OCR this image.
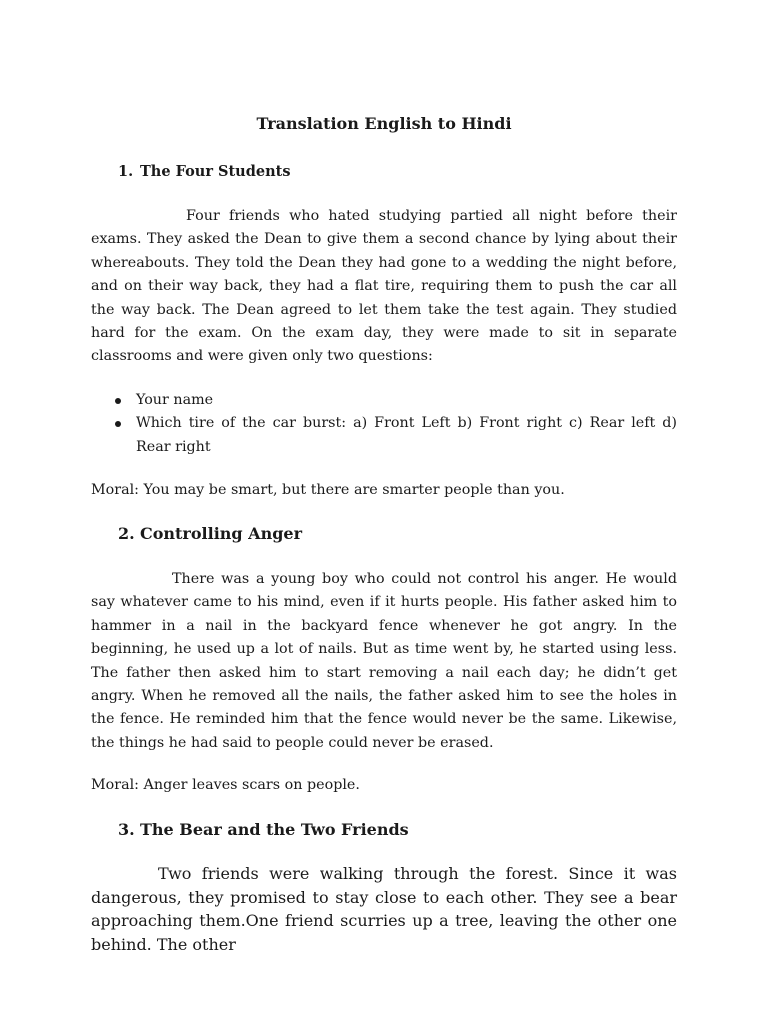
Translation English to Hindi
1. The Four Students

Four friends who hated studying partied all night before their exams. They asked the Dean to give them a second chance by lying about their whereabouts. They told the Dean they had gone to a wedding the night before, and on their way back, they had a flat tire, requiring them to push the car all the way back. The Dean agreed to let them take the test again. They studied hard for the exam. On the exam day, they were made to sit in separate classrooms and were given only two questions:

Your name
Which tire of the car burst: a) Front Left b) Front right c) Rear left d) Rear right

Moral: You may be smart, but there are smarter people than you.

2. Controlling Anger

There was a young boy who could not control his anger. He would say whatever came to his mind, even if it hurts people. His father asked him to hammer in a nail in the backyard fence whenever he got angry. In the beginning, he used up a lot of nails. But as time went by, he started using less. The father then asked him to start removing a nail each day; he didn’t get angry. When he removed all the nails, the father asked him to see the holes in the fence. He reminded him that the fence would never be the same. Likewise, the things he had said to people could never be erased.

Moral: Anger leaves scars on people.

3. The Bear and the Two Friends

Two friends were walking through the forest. Since it was dangerous, they promised to stay close to each other. They see a bear approaching them.One friend scurries up a tree, leaving the other one behind. The other
